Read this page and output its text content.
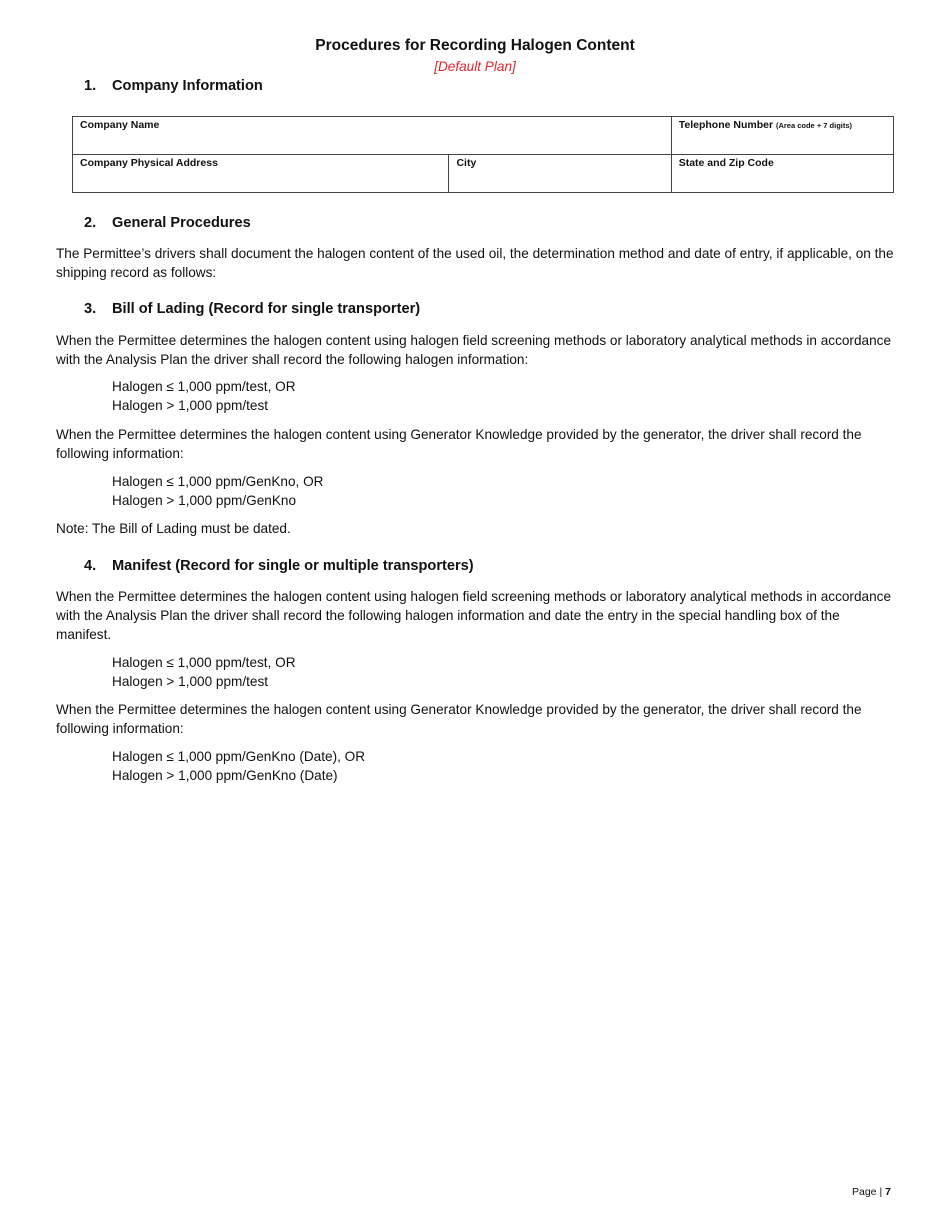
Procedures for Recording Halogen Content
[Default Plan]
1. Company Information
Company Name		Telephone Number (Area code + 7 digits)
Company Physical Address	City	State and Zip Code
2. General Procedures
The Permittee’s drivers shall document the halogen content of the used oil, the determination method and date of entry, if applicable, on the shipping record as follows:
3. Bill of Lading (Record for single transporter)
When the Permittee determines the halogen content using halogen field screening methods or laboratory analytical methods in accordance with the Analysis Plan the driver shall record the following halogen information:
Halogen ≤ 1,000 ppm/test, OR
Halogen > 1,000 ppm/test
When the Permittee determines the halogen content using Generator Knowledge provided by the generator, the driver shall record the following information:
Halogen ≤ 1,000 ppm/GenKno, OR
Halogen > 1,000 ppm/GenKno
Note: The Bill of Lading must be dated.
4. Manifest (Record for single or multiple transporters)
When the Permittee determines the halogen content using halogen field screening methods or laboratory analytical methods in accordance with the Analysis Plan the driver shall record the following halogen information and date the entry in the special handling box of the manifest.
Halogen ≤ 1,000 ppm/test, OR
Halogen > 1,000 ppm/test
When the Permittee determines the halogen content using Generator Knowledge provided by the generator, the driver shall record the following information:
Halogen ≤ 1,000 ppm/GenKno (Date), OR
Halogen > 1,000 ppm/GenKno (Date)
Page | 7
